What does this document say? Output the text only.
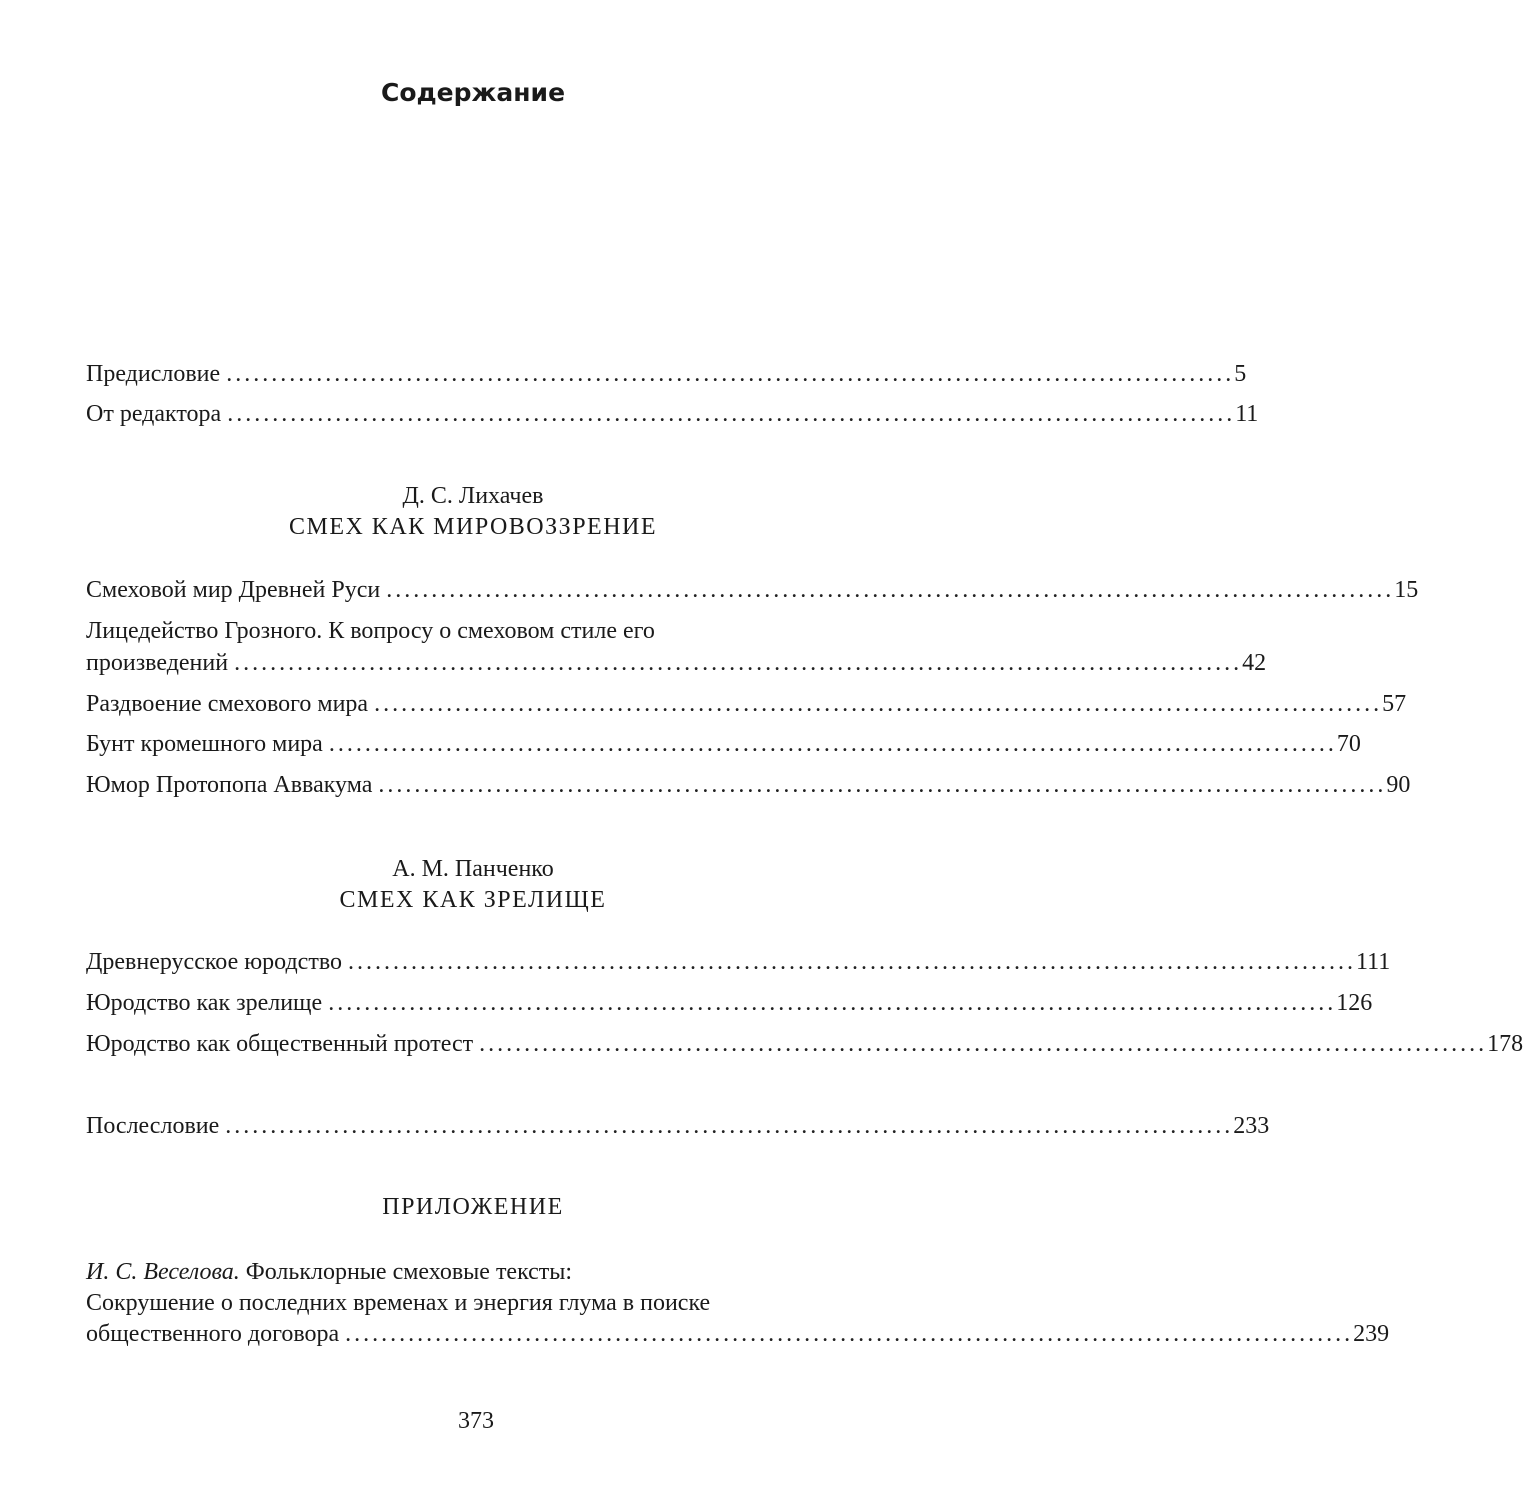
Содержание
Предисловие ................................................................................................................ 5
От редактора ................................................................................................................ 11
Д. С. Лихачев
СМЕХ КАК МИРОВОЗЗРЕНИЕ
Смеховой мир Древней Руси ................................................................................................................ 15
Лицедейство Грозного. К вопросу о смеховом стиле его
произведений ................................................................................................................ 42
Раздвоение смехового мира ................................................................................................................ 57
Бунт кромешного мира ................................................................................................................ 70
Юмор Протопопа Аввакума ................................................................................................................ 90
А. М. Панченко
СМЕХ КАК ЗРЕЛИЩЕ
Древнерусское юродство ................................................................................................................ 111
Юродство как зрелище ................................................................................................................ 126
Юродство как общественный протест ................................................................................................................ 178
Послесловие ................................................................................................................ 233
ПРИЛОЖЕНИЕ
И. С. Веселова. Фольклорные смеховые тексты:
Сокрушение о последних временах и энергия глума в поиске
общественного договора ................................................................................................................ 239
373
